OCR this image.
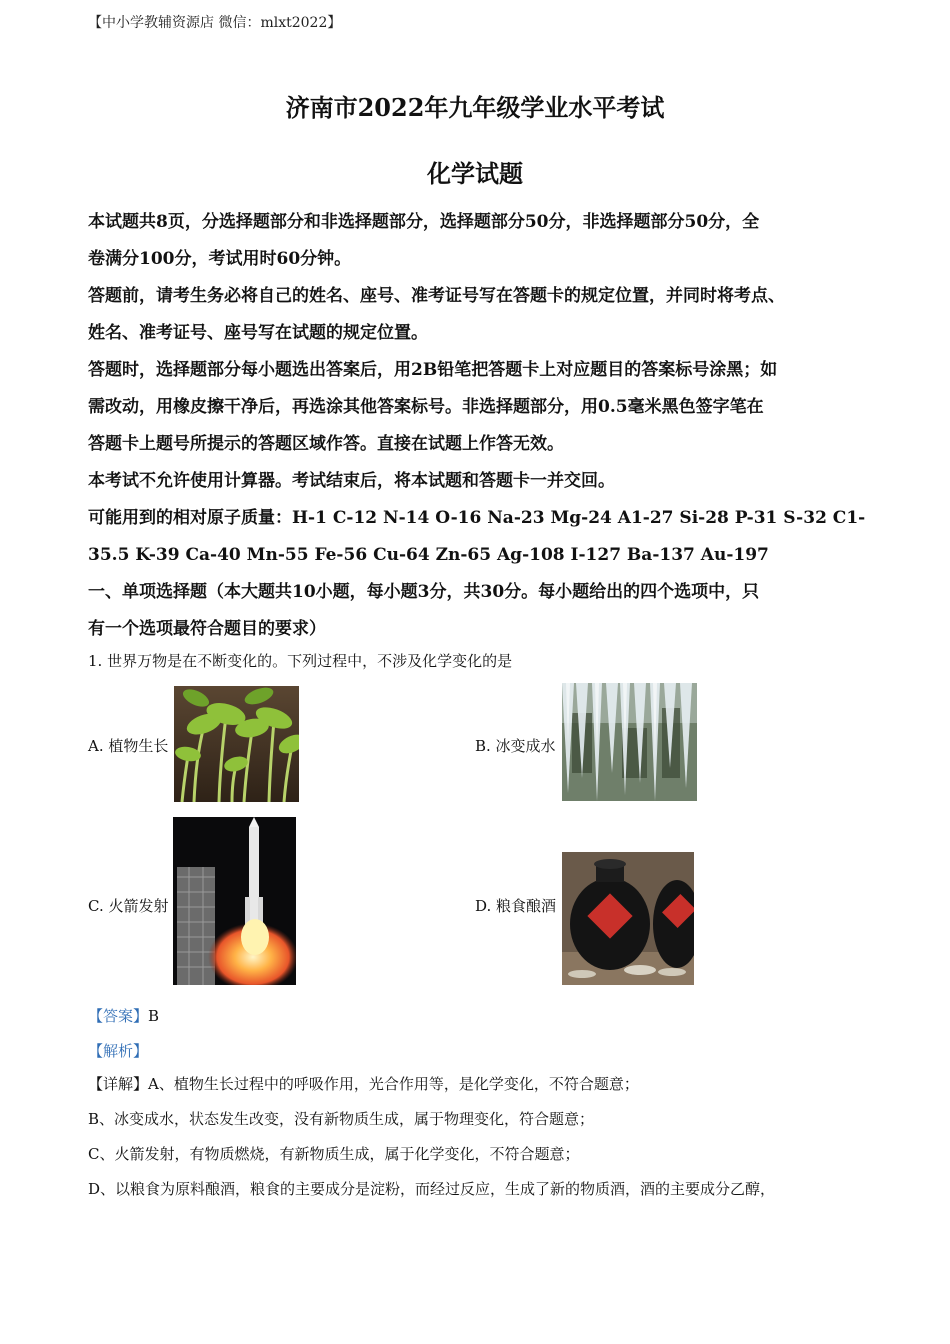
【中小学教辅资源店 微信：mlxt2022】
济南市2022年九年级学业水平考试
化学试题

本试题共8页，分选择题部分和非选择题部分，选择题部分50分，非选择题部分50分，全

卷满分100分，考试用时60分钟。

答题前，请考生务必将自己的姓名、座号、准考证号写在答题卡的规定位置，并同时将考点、

姓名、准考证号、座号写在试题的规定位置。

答题时，选择题部分每小题选出答案后，用2B铅笔把答题卡上对应题目的答案标号涂黑；如

需改动，用橡皮擦干净后，再选涂其他答案标号。非选择题部分，用0.5毫米黑色签字笔在

答题卡上题号所提示的答题区域作答。直接在试题上作答无效。

本考试不允许使用计算器。考试结束后，将本试题和答题卡一并交回。

可能用到的相对原子质量：H-1 C-12 N-14 O-16 Na-23 Mg-24 A1-27 Si-28 P-31 S-32 C1-

35.5 K-39 Ca-40 Mn-55 Fe-56 Cu-64 Zn-65 Ag-108 I-127 Ba-137 Au-197

一、单项选择题（本大题共10小题，每小题3分，共30分。每小题给出的四个选项中，只

有一个选项最符合题目的要求）

1. 世界万物是在不断变化的。下列过程中，不涉及化学变化的是
A. 植物生长	B. 冰变成水
C. 火箭发射	D. 粮食酿酒
【答案】B
【解析】

【详解】A、植物生长过程中的呼吸作用，光合作用等，是化学变化，不符合题意；

B、冰变成水，状态发生改变，没有新物质生成，属于物理变化，符合题意；

C、火箭发射，有物质燃烧，有新物质生成，属于化学变化，不符合题意；

D、以粮食为原料酿酒，粮食的主要成分是淀粉，而经过反应，生成了新的物质酒，酒的主要成分乙醇，
